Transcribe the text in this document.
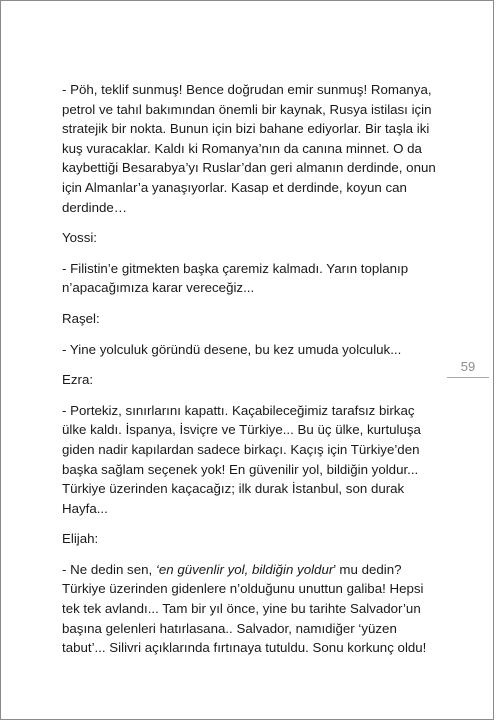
- Pöh, teklif sunmuş! Bence doğrudan emir sunmuş! Romanya, petrol ve tahıl bakımından önemli bir kaynak, Rusya istilası için stratejik bir nokta. Bunun için bizi bahane ediyorlar. Bir taşla iki kuş vuracaklar. Kaldı ki Romanya’nın da canına minnet. O da kaybettiği Besarabya’yı Ruslar’dan geri almanın derdinde, onun için Almanlar’a yanaşıyorlar. Kasap et derdinde, koyun can derdinde…

Yossi:

- Filistin’e gitmekten başka çaremiz kalmadı. Yarın toplanıp n’apacağımıza karar vereceğiz...

Raşel:

- Yine yolculuk göründü desene, bu kez umuda yolculuk...

Ezra:

- Portekiz, sınırlarını kapattı. Kaçabileceğimiz tarafsız birkaç ülke kaldı. İspanya, İsviçre ve Türkiye... Bu üç ülke, kurtuluşa giden nadir kapılardan sadece birkaçı. Kaçış için Türkiye’den başka sağlam seçenek yok! En güvenilir yol, bildiğin yoldur... Türkiye üzerinden kaçacağız; ilk durak İstanbul, son durak Hayfa...

Elijah:

- Ne dedin sen, ‘en güvenlir yol, bildiğin yoldur’ mu dedin? Türkiye üzerinden gidenlere n’olduğunu unuttun galiba! Hepsi tek tek avlandı... Tam bir yıl önce, yine bu tarihte Salvador’un başına gelenleri hatırlasana.. Salvador, namıdiğer ‘yüzen tabut’... Silivri açıklarında fırtınaya tutuldu. Sonu korkunç oldu!

59
